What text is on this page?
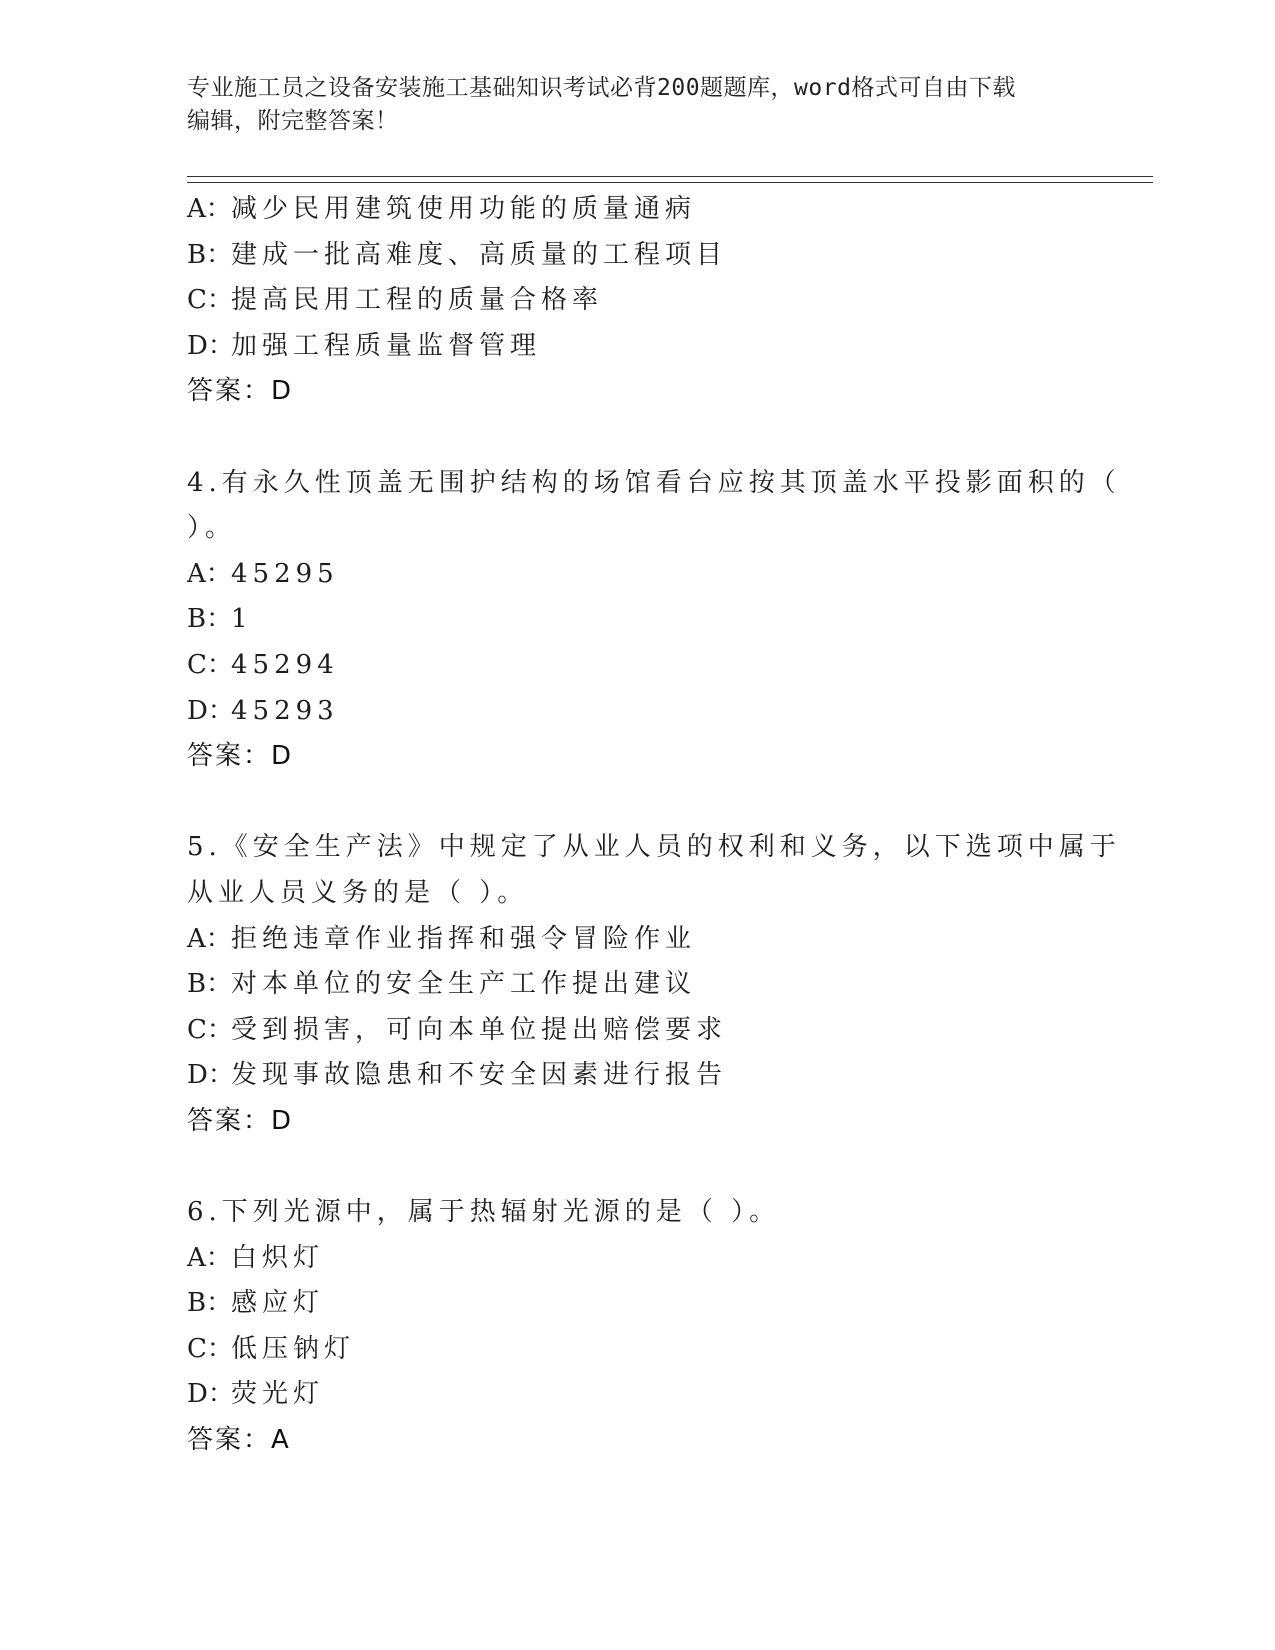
专业施工员之设备安装施工基础知识考试必背200题题库，word格式可自由下载
编辑，附完整答案！
A： 减少民用建筑使用功能的质量通病
B：
建成一批高难度、高质量的工程项目
C：
提高民用工程的质量合格率
D：
加强工程质量监督管理
答案：D
4.有永久性顶盖无围护结构的场馆看台应按其顶盖水平投影面积的（
）。
A： 45295
B：
1
C：
45294
D：
45293
答案：D
5.《安全生产法》中规定了从业人员的权利和义务，以下选项中属于
从业人员义务的是（ ）。
A： 拒绝违章作业指挥和强令冒险作业
B：
对本单位的安全生产工作提出建议
C：
受到损害，可向本单位提出赔偿要求
D：
发现事故隐患和不安全因素进行报告
答案：D
6.下列光源中，属于热辐射光源的是（ ）。
A： 白炽灯
B：
感应灯
C：
低压钠灯
D：
荧光灯
答案：A
